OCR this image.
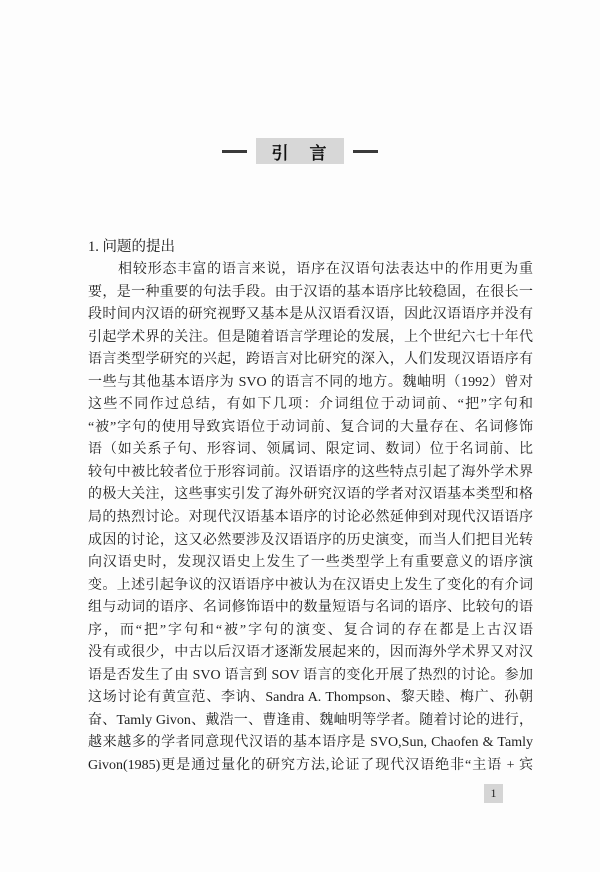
引　言
1. 问题的提出
相较形态丰富的语言来说，语序在汉语句法表达中的作用更为重
要，是一种重要的句法手段。由于汉语的基本语序比较稳固，在很长一
段时间内汉语的研究视野又基本是从汉语看汉语，因此汉语语序并没有
引起学术界的关注。但是随着语言学理论的发展，上个世纪六七十年代
语言类型学研究的兴起，跨语言对比研究的深入，人们发现汉语语序有
一些与其他基本语序为 SVO 的语言不同的地方。魏岫明（1992）曾对
这些不同作过总结，有如下几项：介词组位于动词前、“把”字句和
“被”字句的使用导致宾语位于动词前、复合词的大量存在、名词修饰
语（如关系子句、形容词、领属词、限定词、数词）位于名词前、比
较句中被比较者位于形容词前。汉语语序的这些特点引起了海外学术界
的极大关注，这些事实引发了海外研究汉语的学者对汉语基本类型和格
局的热烈讨论。对现代汉语基本语序的讨论必然延伸到对现代汉语语序
成因的讨论，这又必然要涉及汉语语序的历史演变，而当人们把目光转
向汉语史时，发现汉语史上发生了一些类型学上有重要意义的语序演
变。上述引起争议的汉语语序中被认为在汉语史上发生了变化的有介词
组与动词的语序、名词修饰语中的数量短语与名词的语序、比较句的语
序，而“把”字句和“被”字句的演变、复合词的存在都是上古汉语
没有或很少，中古以后汉语才逐渐发展起来的，因而海外学术界又对汉
语是否发生了由 SVO 语言到 SOV 语言的变化开展了热烈的讨论。参加
这场讨论有黄宣范、李讷、Sandra A. Thompson、黎天睦、梅广、孙朝
奋、Tamly Givon、戴浩一、曹逢甫、魏岫明等学者。随着讨论的进行，
越来越多的学者同意现代汉语的基本语序是 SVO,Sun, Chaofen & Tamly
Givon(1985)更是通过量化的研究方法,论证了现代汉语绝非“主语 + 宾
1
